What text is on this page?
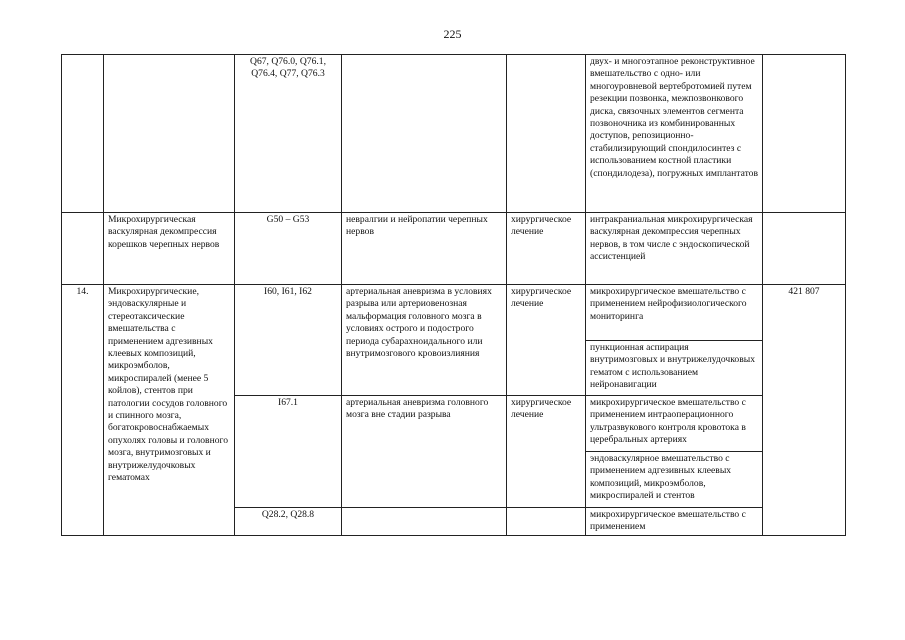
225
		Q67, Q76.0, Q76.1, Q76.4, Q77, Q76.3			двух- и многоэтапное реконструктивное вмешательство с одно- или многоуровневой вертебротомией путем резекции позвонка, межпозвонкового диска, связочных элементов сегмента позвоночника из комбинированных доступов, репозиционно-стабилизирующий спондилосинтез с использованием костной пластики (спондилодеза), погружных имплантатов	
	Микрохирургическая васкулярная декомпрессия корешков черепных нервов	G50 – G53	невралгии и нейропатии черепных нервов	хирургическое лечение	интракраниальная микрохирургическая васкулярная декомпрессия черепных нервов, в том числе с эндоскопической ассистенцией	
14.	Микрохирургические, эндоваскулярные и стереотаксические вмешательства с применением адгезивных клеевых композиций, микроэмболов, микроспиралей (менее 5 койлов), стентов при патологии сосудов головного и спинного мозга, богатокровоснабжаемых опухолях головы и головного мозга, внутримозговых и внутрижелудочковых гематомах	I60, I61, I62	артериальная аневризма в условиях разрыва или артериовенозная мальформация головного мозга в условиях острого и подострого периода субарахноидального или внутримозгового кровоизлияния	хирургическое лечение	микрохирургическое вмешательство с применением нейрофизиологического мониторинга	421 807
					пункционная аспирация внутримозговых и внутрижелудочковых гематом с использованием нейронавигации	
		I67.1	артериальная аневризма головного мозга вне стадии разрыва	хирургическое лечение	микрохирургическое вмешательство с применением интраоперационного ультразвукового контроля кровотока в церебральных артериях	
					эндоваскулярное вмешательство с применением адгезивных клеевых композиций, микроэмболов, микроспиралей и стентов	
		Q28.2, Q28.8			микрохирургическое вмешательство с применением	
